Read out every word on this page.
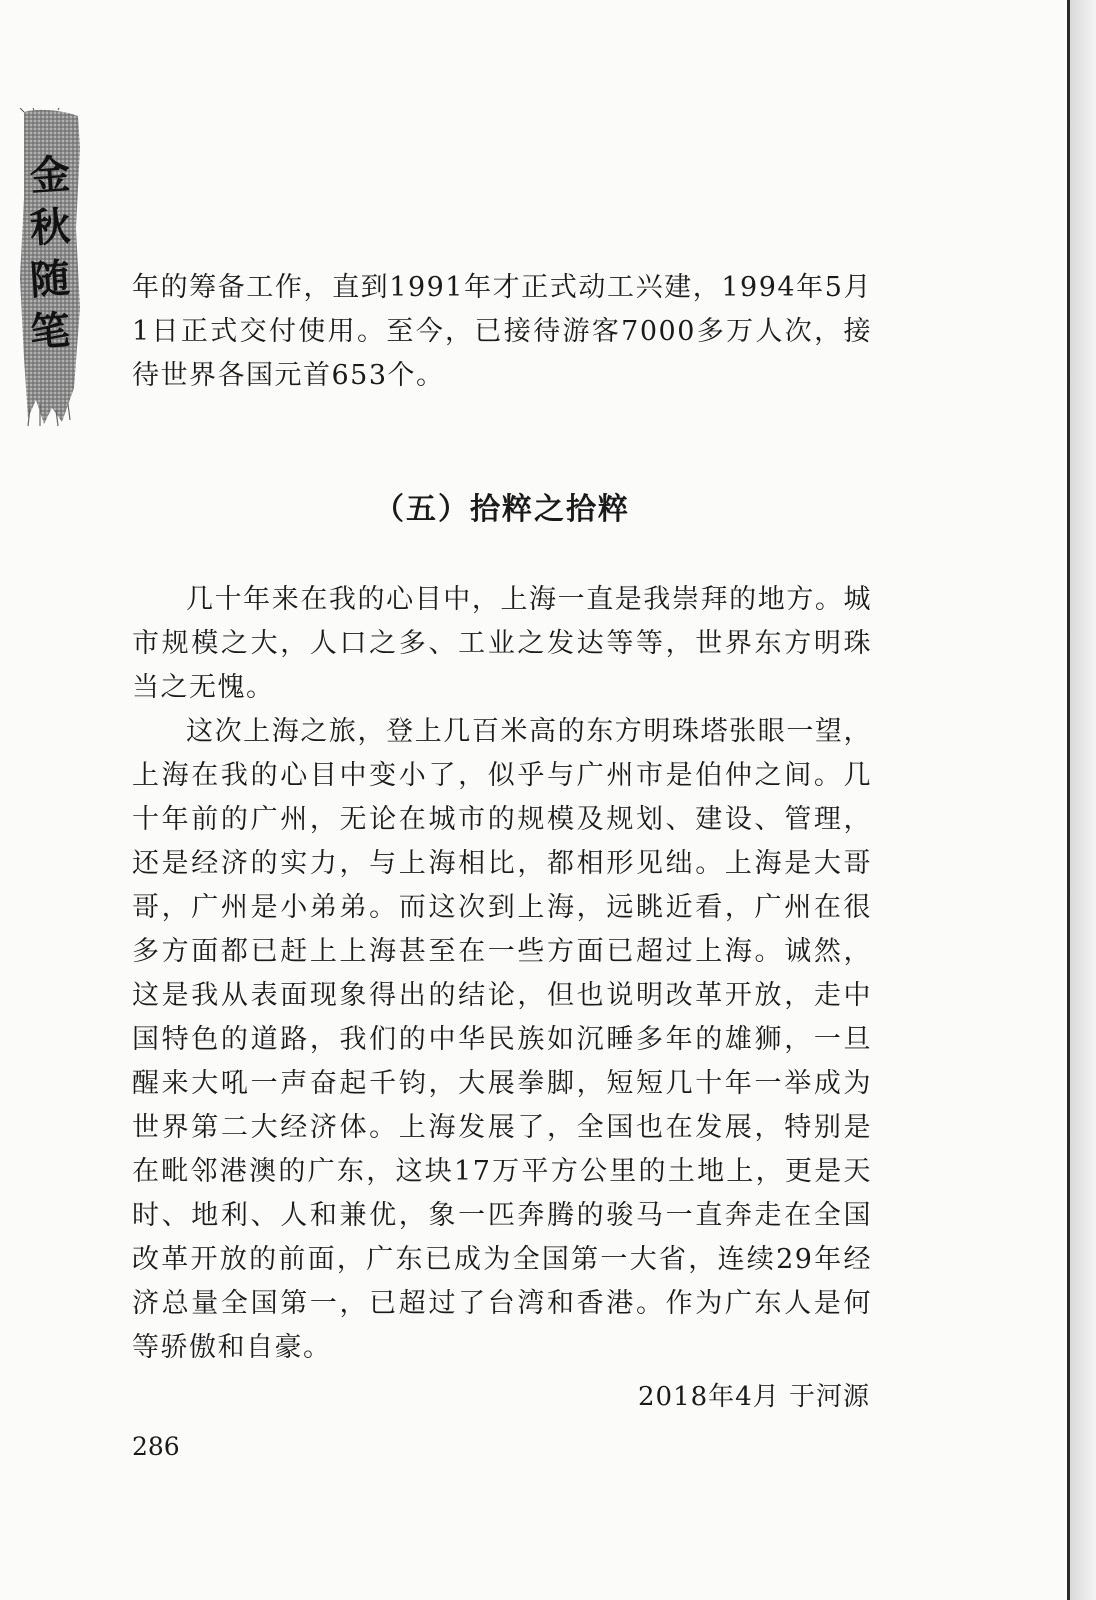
金
秋
随
笔

年的筹备工作，直到1991年才正式动工兴建，1994年5月1日正式交付使用。至今，已接待游客7000多万人次，接待世界各国元首653个。

（五）拾粹之拾粹

几十年来在我的心目中，上海一直是我崇拜的地方。城市规模之大，人口之多、工业之发达等等，世界东方明珠当之无愧。

这次上海之旅，登上几百米高的东方明珠塔张眼一望，上海在我的心目中变小了，似乎与广州市是伯仲之间。几十年前的广州，无论在城市的规模及规划、建设、管理，还是经济的实力，与上海相比，都相形见绌。上海是大哥哥，广州是小弟弟。而这次到上海，远眺近看，广州在很多方面都已赶上上海甚至在一些方面已超过上海。诚然，这是我从表面现象得出的结论，但也说明改革开放，走中国特色的道路，我们的中华民族如沉睡多年的雄狮，一旦醒来大吼一声奋起千钧，大展拳脚，短短几十年一举成为世界第二大经济体。上海发展了，全国也在发展，特别是在毗邻港澳的广东，这块17万平方公里的土地上，更是天时、地利、人和兼优，象一匹奔腾的骏马一直奔走在全国改革开放的前面，广东已成为全国第一大省，连续29年经济总量全国第一，已超过了台湾和香港。作为广东人是何等骄傲和自豪。

2018年4月 于河源
286
